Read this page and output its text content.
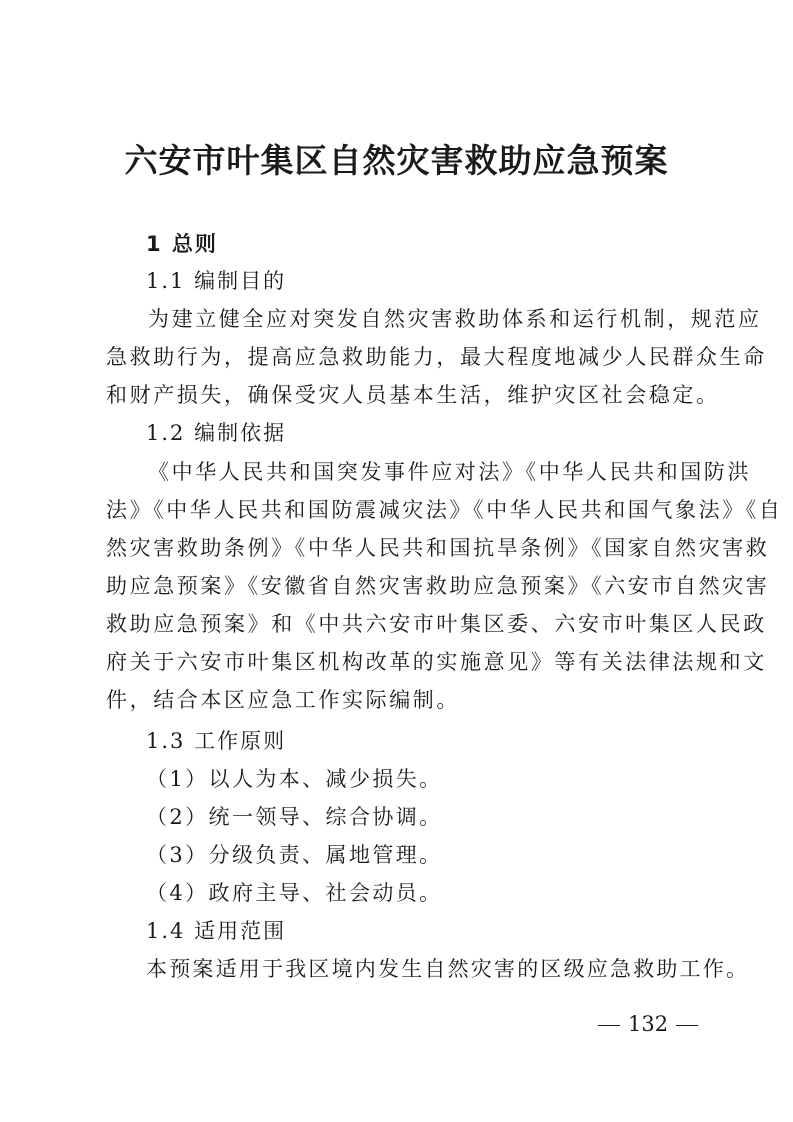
六安市叶集区自然灾害救助应急预案
1 总则
1.1 编制目的
为建立健全应对突发自然灾害救助体系和运行机制，规范应
急救助行为，提高应急救助能力，最大程度地减少人民群众生命
和财产损失，确保受灾人员基本生活，维护灾区社会稳定。
1.2 编制依据
《中华人民共和国突发事件应对法》《中华人民共和国防洪
法》《中华人民共和国防震减灾法》《中华人民共和国气象法》《自
然灾害救助条例》《中华人民共和国抗旱条例》《国家自然灾害救
助应急预案》《安徽省自然灾害救助应急预案》《六安市自然灾害
救助应急预案》和《中共六安市叶集区委、六安市叶集区人民政
府关于六安市叶集区机构改革的实施意见》等有关法律法规和文
件，结合本区应急工作实际编制。
1.3 工作原则
（1）以人为本、减少损失。
（2）统一领导、综合协调。
（3）分级负责、属地管理。
（4）政府主导、社会动员。
1.4 适用范围
本预案适用于我区境内发生自然灾害的区级应急救助工作。
132
